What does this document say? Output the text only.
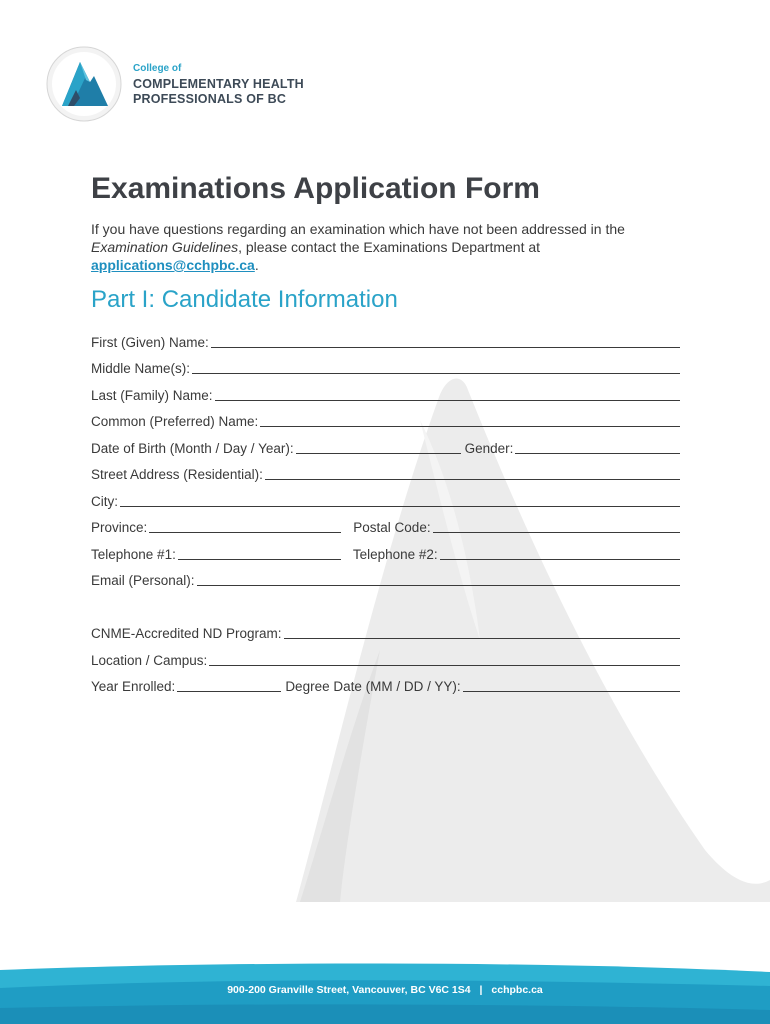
College of
COMPLEMENTARY HEALTH
PROFESSIONALS OF BC
Examinations Application Form

If you have questions regarding an examination which have not been addressed in the Examination Guidelines, please contact the Examinations Department at
applications@cchpbc.ca.

Part I: Candidate Information
First (Given) Name:
Middle Name(s):
Last (Family) Name:
Common (Preferred) Name:
Date of Birth (Month / Day / Year):	Gender:
Street Address (Residential):
City:
Province:	Postal Code:
Telephone #1:	Telephone #2:
Email (Personal):
CNME-Accredited ND Program:
Location / Campus:
Year Enrolled:	Degree Date (MM / DD / YY):
900-200 Granville Street, Vancouver, BC V6C 1S4 | cchpbc.ca
